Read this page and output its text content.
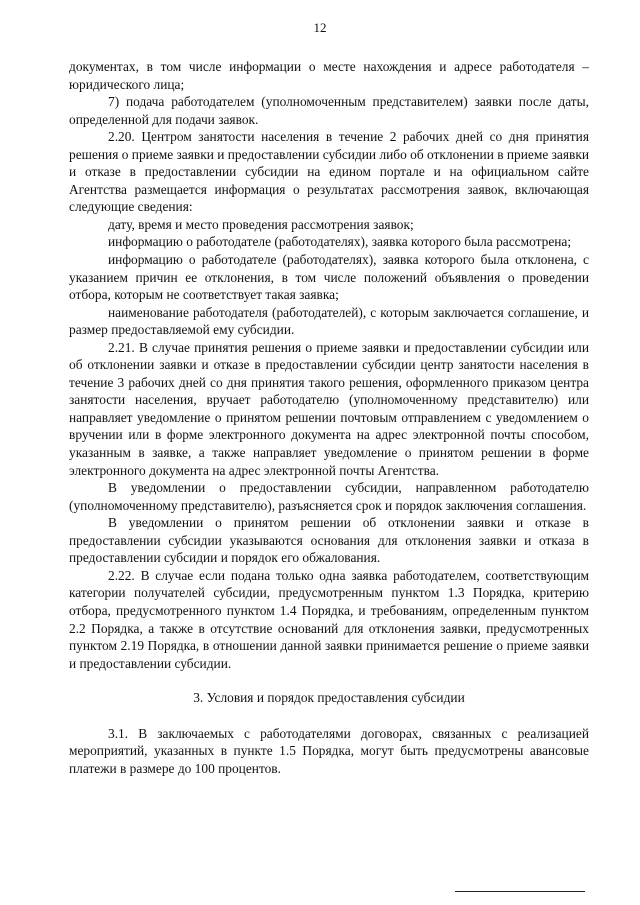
12

документах, в том числе информации о месте нахождения и адресе работодателя – юридического лица;

7) подача работодателем (уполномоченным представителем) заявки после даты, определенной для подачи заявок.

2.20. Центром занятости населения в течение 2 рабочих дней со дня принятия решения о приеме заявки и предоставлении субсидии либо об отклонении в приеме заявки и отказе в предоставлении субсидии на едином портале и на официальном сайте Агентства размещается информация о результатах рассмотрения заявок, включающая следующие сведения:

дату, время и место проведения рассмотрения заявок;

информацию о работодателе (работодателях), заявка которого была рассмотрена;

информацию о работодателе (работодателях), заявка которого была отклонена, с указанием причин ее отклонения, в том числе положений объявления о проведении отбора, которым не соответствует такая заявка;

наименование работодателя (работодателей), с которым заключается соглашение, и размер предоставляемой ему субсидии.

2.21. В случае принятия решения о приеме заявки и предоставлении субсидии или об отклонении заявки и отказе в предоставлении субсидии центр занятости населения в течение 3 рабочих дней со дня принятия такого решения, оформленного приказом центра занятости населения, вручает работодателю (уполномоченному представителю) или направляет уведомление о принятом решении почтовым отправлением с уведомлением о вручении или в форме электронного документа на адрес электронной почты способом, указанным в заявке, а также направляет уведомление о принятом решении в форме электронного документа на адрес электронной почты Агентства.

В уведомлении о предоставлении субсидии, направленном работодателю (уполномоченному представителю), разъясняется срок и порядок заключения соглашения.

В уведомлении о принятом решении об отклонении заявки и отказе в предоставлении субсидии указываются основания для отклонения заявки и отказа в предоставлении субсидии и порядок его обжалования.

2.22. В случае если подана только одна заявка работодателем, соответствующим категории получателей субсидии, предусмотренным пунктом 1.3 Порядка, критерию отбора, предусмотренного пунктом 1.4 Порядка, и требованиям, определенным пунктом 2.2 Порядка, а также в отсутствие оснований для отклонения заявки, предусмотренных пунктом 2.19 Порядка, в отношении данной заявки принимается решение о приеме заявки и предоставлении субсидии.

3. Условия и порядок предоставления субсидии

3.1. В заключаемых с работодателями договорах, связанных с реализацией мероприятий, указанных в пункте 1.5 Порядка, могут быть предусмотрены авансовые платежи в размере до 100 процентов.
